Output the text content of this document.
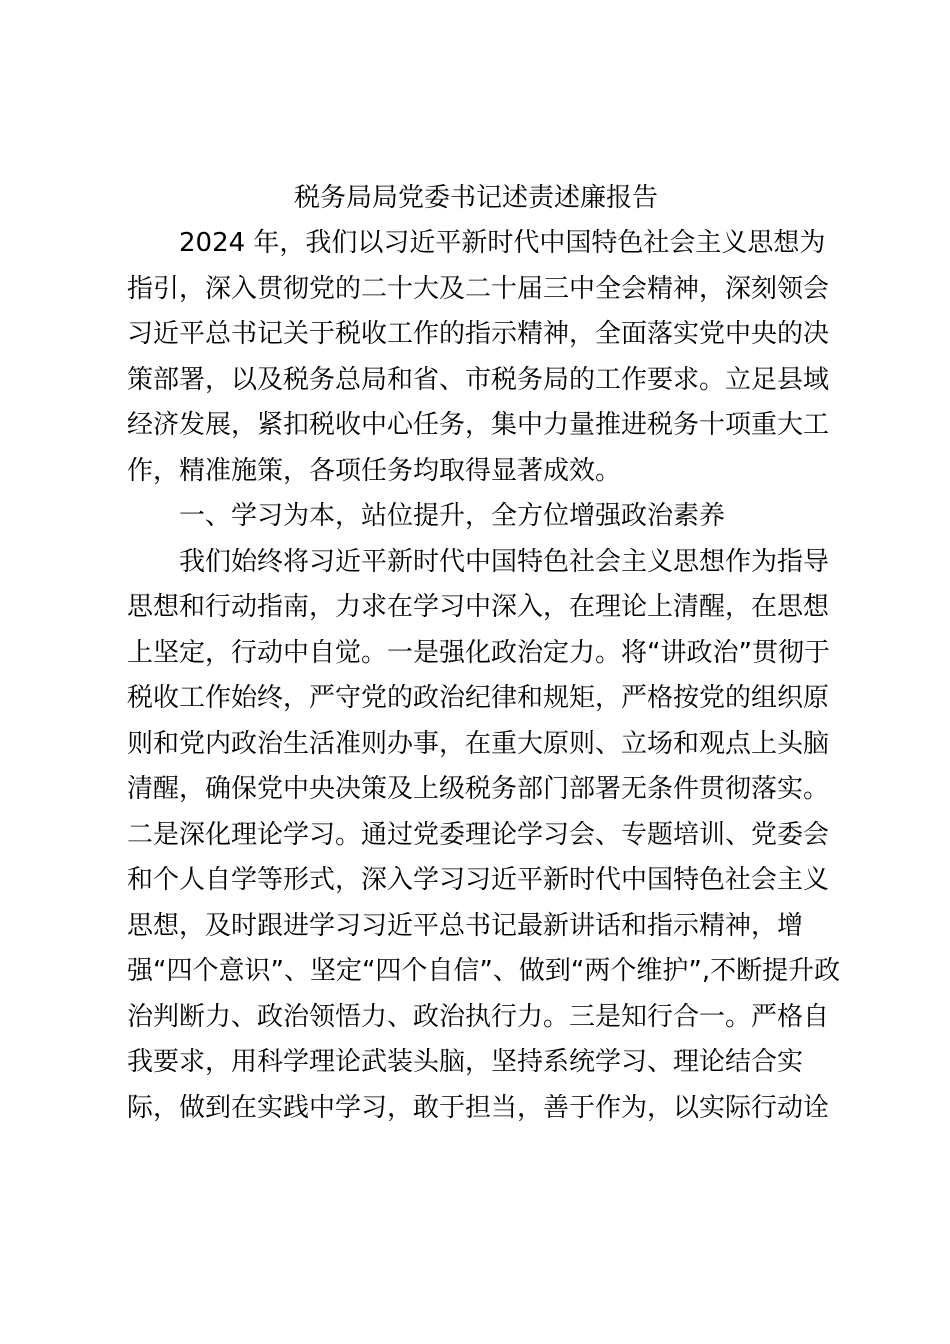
税务局局党委书记述责述廉报告
2024 年，我们以习近平新时代中国特色社会主义思想为
指引，深入贯彻党的二十大及二十届三中全会精神，深刻领会
习近平总书记关于税收工作的指示精神，全面落实党中央的决
策部署，以及税务总局和省、市税务局的工作要求。立足县域
经济发展，紧扣税收中心任务，集中力量推进税务十项重大工
作，精准施策，各项任务均取得显著成效。
一、学习为本，站位提升，全方位增强政治素养
我们始终将习近平新时代中国特色社会主义思想作为指导
思想和行动指南，力求在学习中深入，在理论上清醒，在思想
上坚定，行动中自觉。一是强化政治定力。将“讲政治”贯彻于
税收工作始终，严守党的政治纪律和规矩，严格按党的组织原
则和党内政治生活准则办事，在重大原则、立场和观点上头脑
清醒，确保党中央决策及上级税务部门部署无条件贯彻落实。
二是深化理论学习。通过党委理论学习会、专题培训、党委会
和个人自学等形式，深入学习习近平新时代中国特色社会主义
思想，及时跟进学习习近平总书记最新讲话和指示精神，增
强“四个意识”、坚定“四个自信”、做到“两个维护”,不断提升政
治判断力、政治领悟力、政治执行力。三是知行合一。严格自
我要求，用科学理论武装头脑，坚持系统学习、理论结合实
际，做到在实践中学习，敢于担当，善于作为，以实际行动诠
